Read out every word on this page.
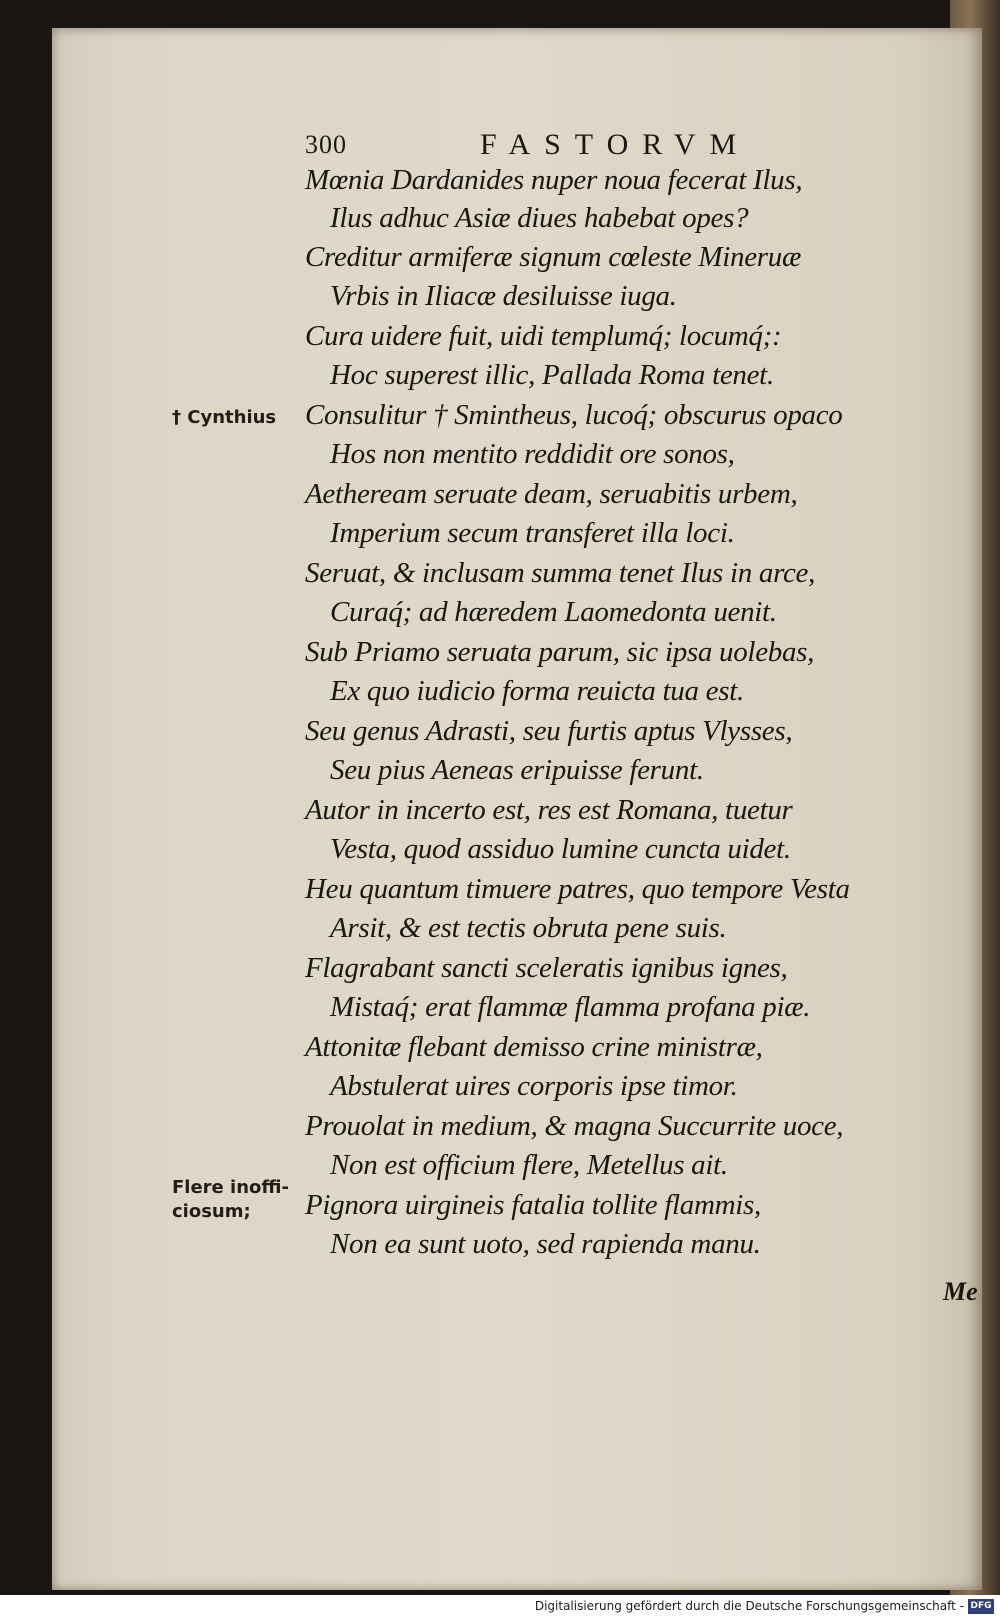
300	FASTORVM
Mœnia Dardanides nuper noua fecerat Ilus,
Ilus adhuc Asiæ diues habebat opes?
Creditur armiferæ signum cœleste Mineruæ
Vrbis in Iliacæ desiluisse iuga.
Cura uidere fuit, uidi templumq́; locumq́;:
Hoc superest illic, Pallada Roma tenet.
Consulitur † Smintheus, lucoq́; obscurus opaco
Hos non mentito reddidit ore sonos,
Aetheream seruate deam, seruabitis urbem,
Imperium secum transferet illa loci.
Seruat, & inclusam summa tenet Ilus in arce,
Curaq́; ad hæredem Laomedonta uenit.
Sub Priamo seruata parum, sic ipsa uolebas,
Ex quo iudicio forma reuicta tua est.
Seu genus Adrasti, seu furtis aptus Vlysses,
Seu pius Aeneas eripuisse ferunt.
Autor in incerto est, res est Romana, tuetur
Vesta, quod assiduo lumine cuncta uidet.
Heu quantum timuere patres, quo tempore Vesta
Arsit, & est tectis obruta pene suis.
Flagrabant sancti sceleratis ignibus ignes,
Mistaq́; erat flammæ flamma profana piæ.
Attonitæ flebant demisso crine ministræ,
Abstulerat uires corporis ipse timor.
Prouolat in medium, & magna Succurrite uoce,
Non est officium flere, Metellus ait.
Pignora uirgineis fatalia tollite flammis,
Non ea sunt uoto, sed rapienda manu.
† Cynthius
Flere inoffi-
ciosum;
Me
Digitalisierung gefördert durch die Deutsche Forschungsgemeinschaft - DFG
